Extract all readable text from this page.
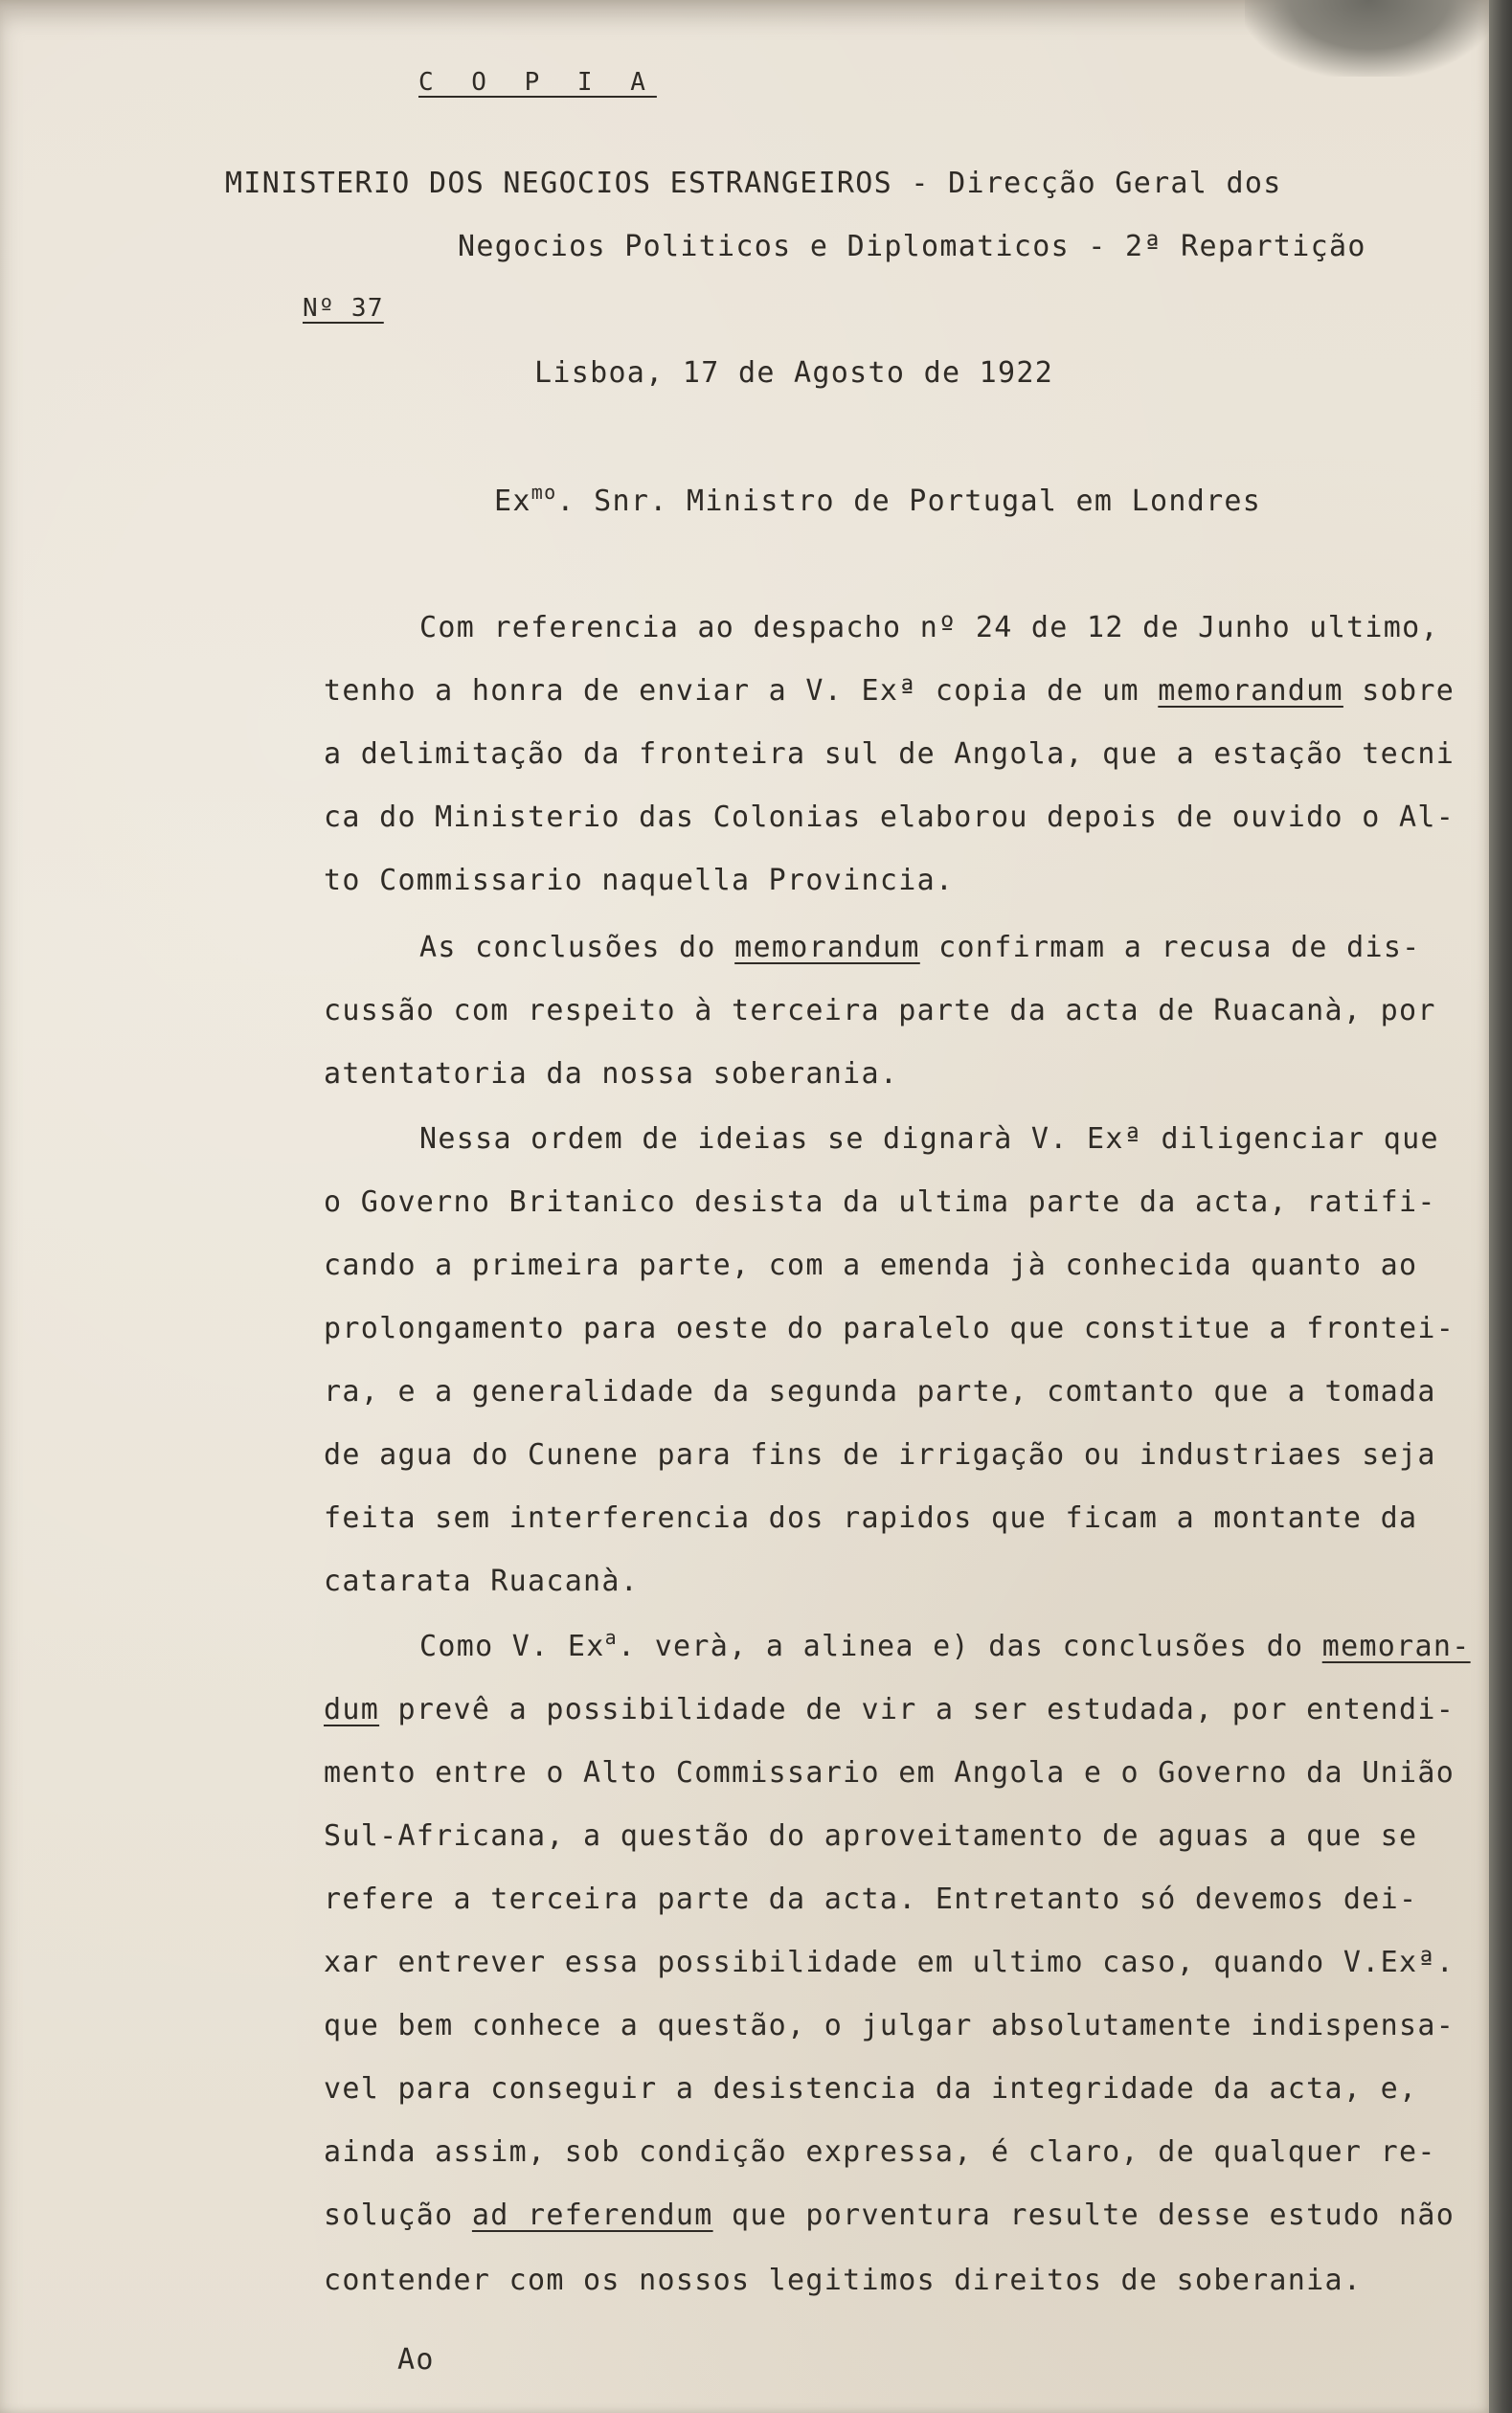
C O P I A
MINISTERIO DOS NEGOCIOS ESTRANGEIROS - Direcção Geral dos
Negocios Politicos e Diplomaticos - 2ª Repartição
Nº 37
Lisboa, 17 de Agosto de 1922
$Ex^{mo}$. Snr. Ministro de Portugal em Londres
Com referencia ao despacho nº 24 de 12 de Junho ultimo,
tenho a honra de enviar a V. Exª copia de um memorandum sobre
a delimitação da fronteira sul de Angola, que a estação tecni
ca do Ministerio das Colonias elaborou depois de ouvido o Al-
to Commissario naquella Provincia.
As conclusões do memorandum confirmam a recusa de dis-
cussão com respeito à terceira parte da acta de Ruacanà, por
atentatoria da nossa soberania.
Nessa ordem de ideias se dignarà V. Exª diligenciar que
o Governo Britanico desista da ultima parte da acta, ratifi-
cando a primeira parte, com a emenda jà conhecida quanto ao
prolongamento para oeste do paralelo que constitue a frontei-
ra, e a generalidade da segunda parte, comtanto que a tomada
de agua do Cunene para fins de irrigação ou industriaes seja
feita sem interferencia dos rapidos que ficam a montante da
catarata Ruacanà.
Como V. Ex$^a$. verà, a alinea e) das conclusões do memoran-
dum prevê a possibilidade de vir a ser estudada, por entendi-
mento entre o Alto Commissario em Angola e o Governo da União
Sul-Africana, a questão do aproveitamento de aguas a que se
refere a terceira parte da acta. Entretanto só devemos dei-
xar entrever essa possibilidade em ultimo caso, quando V.Exª.
que bem conhece a questão, o julgar absolutamente indispensa-
vel para conseguir a desistencia da integridade da acta, e,
ainda assim, sob condição expressa, é claro, de qualquer re-
solução ad referendum que porventura resulte desse estudo não
contender com os nossos legitimos direitos de soberania.
Ao
